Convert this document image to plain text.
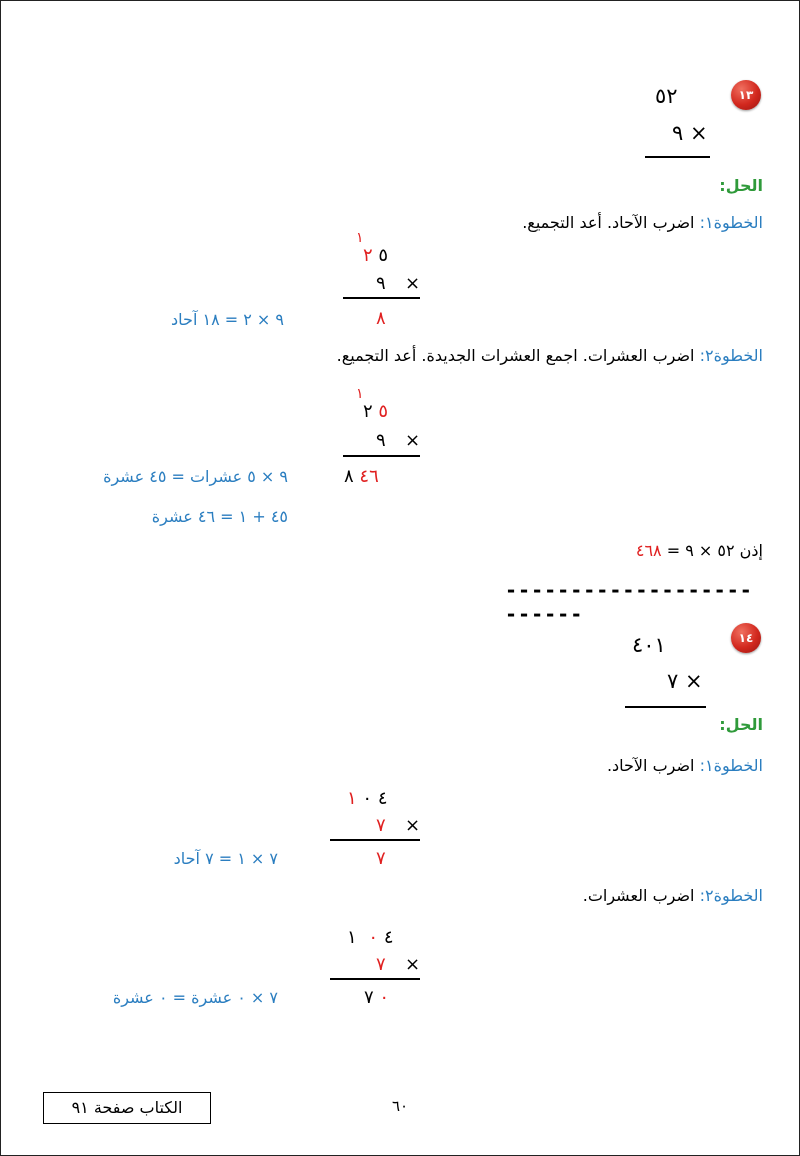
١٣
٥٢
٩ ×
الحل:
الخطوة١: اضرب الآحاد. أعد التجميع.
١
٥ ٢
٩ ×
٨
٩ × ٢ = ١٨ آحاد
الخطوة٢: اضرب العشرات. اجمع العشرات الجديدة. أعد التجميع.
١
٥ ٢
٩ ×
٤٦ ٨
٩ × ٥ عشرات = ٤٥ عشرة
٤٥ + ١ = ٤٦ عشرة
إذن ٥٢ × ٩ = ٤٦٨
-------------------------
١٤
٤٠١
٧ ×
الحل:
الخطوة١: اضرب الآحاد.
٤ ٠ ١
٧ ×
٧
٧ × ١ = ٧ آحاد
الخطوة٢: اضرب العشرات.
٤ ٠ ١
٧ ×
٠ ٧
٧ × ٠ عشرة = ٠ عشرة
٦٠
الكتاب صفحة ٩١
